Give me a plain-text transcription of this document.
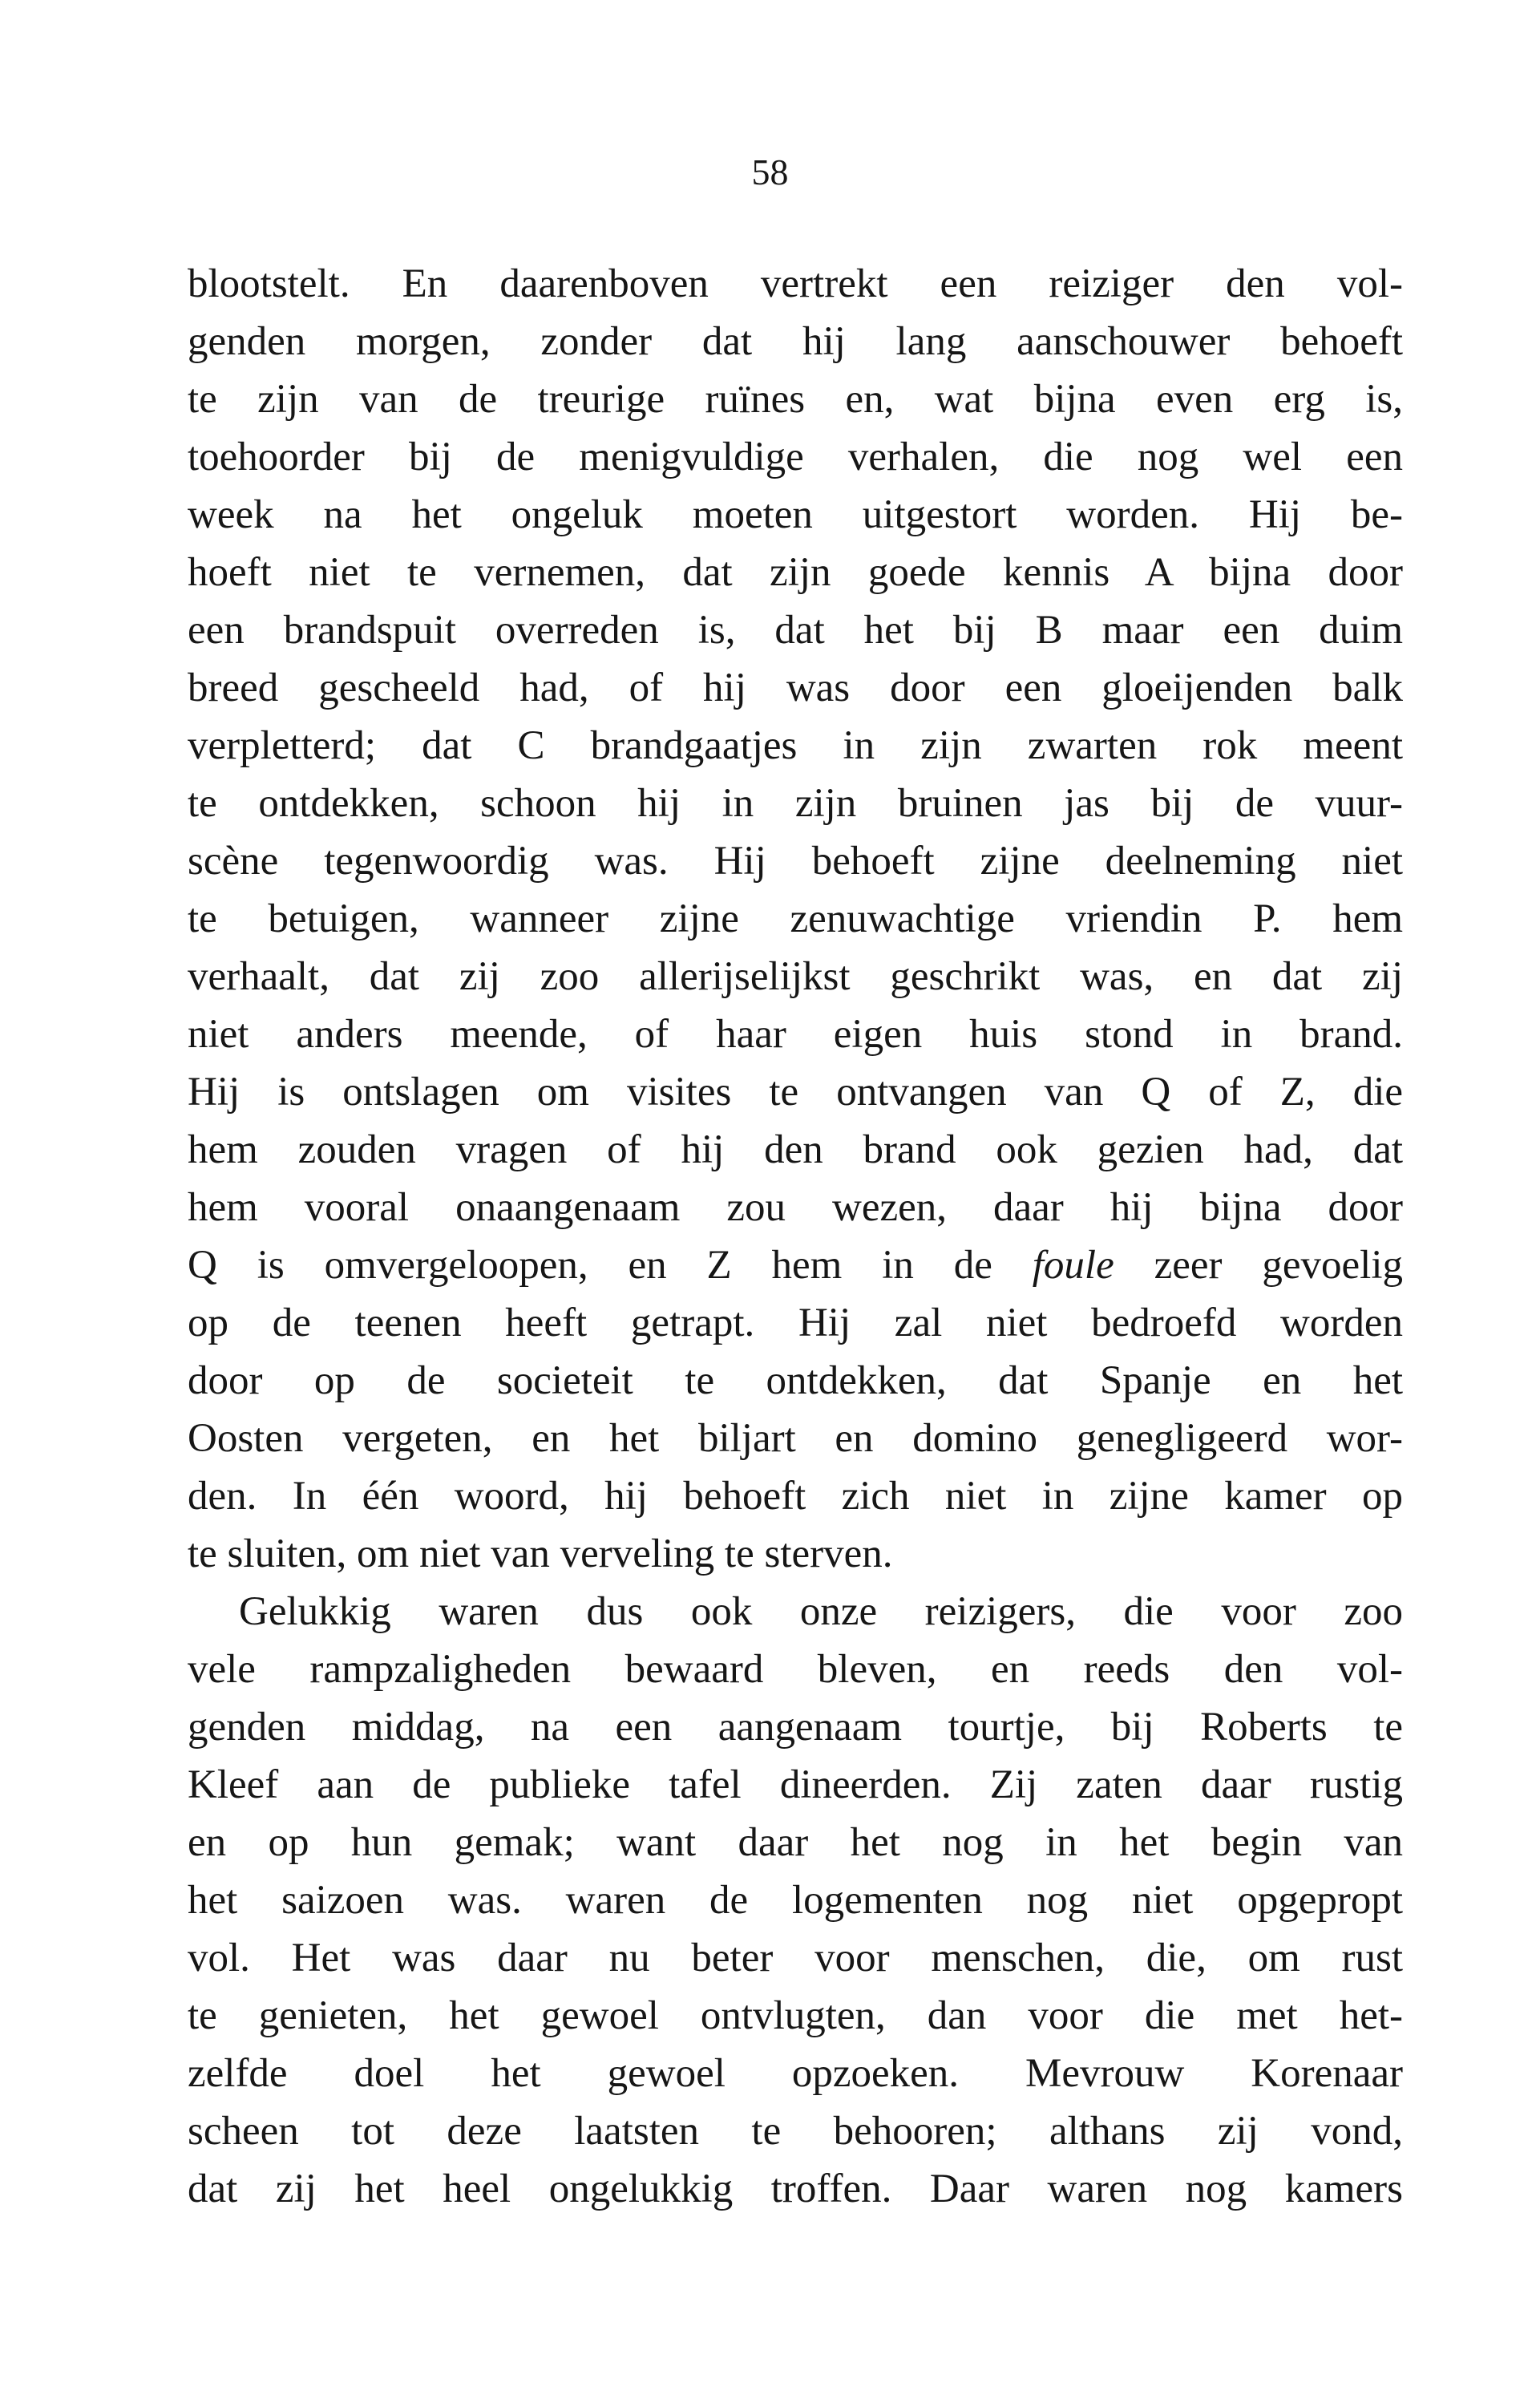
58
blootstelt. En daarenboven vertrekt een reiziger den vol-
genden morgen, zonder dat hij lang aanschouwer behoeft
te zijn van de treurige ruïnes en, wat bijna even erg is,
toehoorder bij de menigvuldige verhalen, die nog wel een
week na het ongeluk moeten uitgestort worden. Hij be-
hoeft niet te vernemen, dat zijn goede kennis A bijna door
een brandspuit overreden is, dat het bij B maar een duim
breed gescheeld had, of hij was door een gloeijenden balk
verpletterd; dat C brandgaatjes in zijn zwarten rok meent
te ontdekken, schoon hij in zijn bruinen jas bij de vuur-
scène tegenwoordig was. Hij behoeft zijne deelneming niet
te betuigen, wanneer zijne zenuwachtige vriendin P. hem
verhaalt, dat zij zoo allerijselijkst geschrikt was, en dat zij
niet anders meende, of haar eigen huis stond in brand.
Hij is ontslagen om visites te ontvangen van Q of Z, die
hem zouden vragen of hij den brand ook gezien had, dat
hem vooral onaangenaam zou wezen, daar hij bijna door
Q is omvergeloopen, en Z hem in de foule zeer gevoelig
op de teenen heeft getrapt. Hij zal niet bedroefd worden
door op de societeit te ontdekken, dat Spanje en het
Oosten vergeten, en het biljart en domino genegligeerd wor-
den. In één woord, hij behoeft zich niet in zijne kamer op
te sluiten, om niet van verveling te sterven.
Gelukkig waren dus ook onze reizigers, die voor zoo
vele rampzaligheden bewaard bleven, en reeds den vol-
genden middag, na een aangenaam tourtje, bij Roberts te
Kleef aan de publieke tafel dineerden. Zij zaten daar rustig
en op hun gemak; want daar het nog in het begin van
het saizoen was. waren de logementen nog niet opgepropt
vol. Het was daar nu beter voor menschen, die, om rust
te genieten, het gewoel ontvlugten, dan voor die met het-
zelfde doel het gewoel opzoeken. Mevrouw Korenaar
scheen tot deze laatsten te behooren; althans zij vond,
dat zij het heel ongelukkig troffen. Daar waren nog kamers
